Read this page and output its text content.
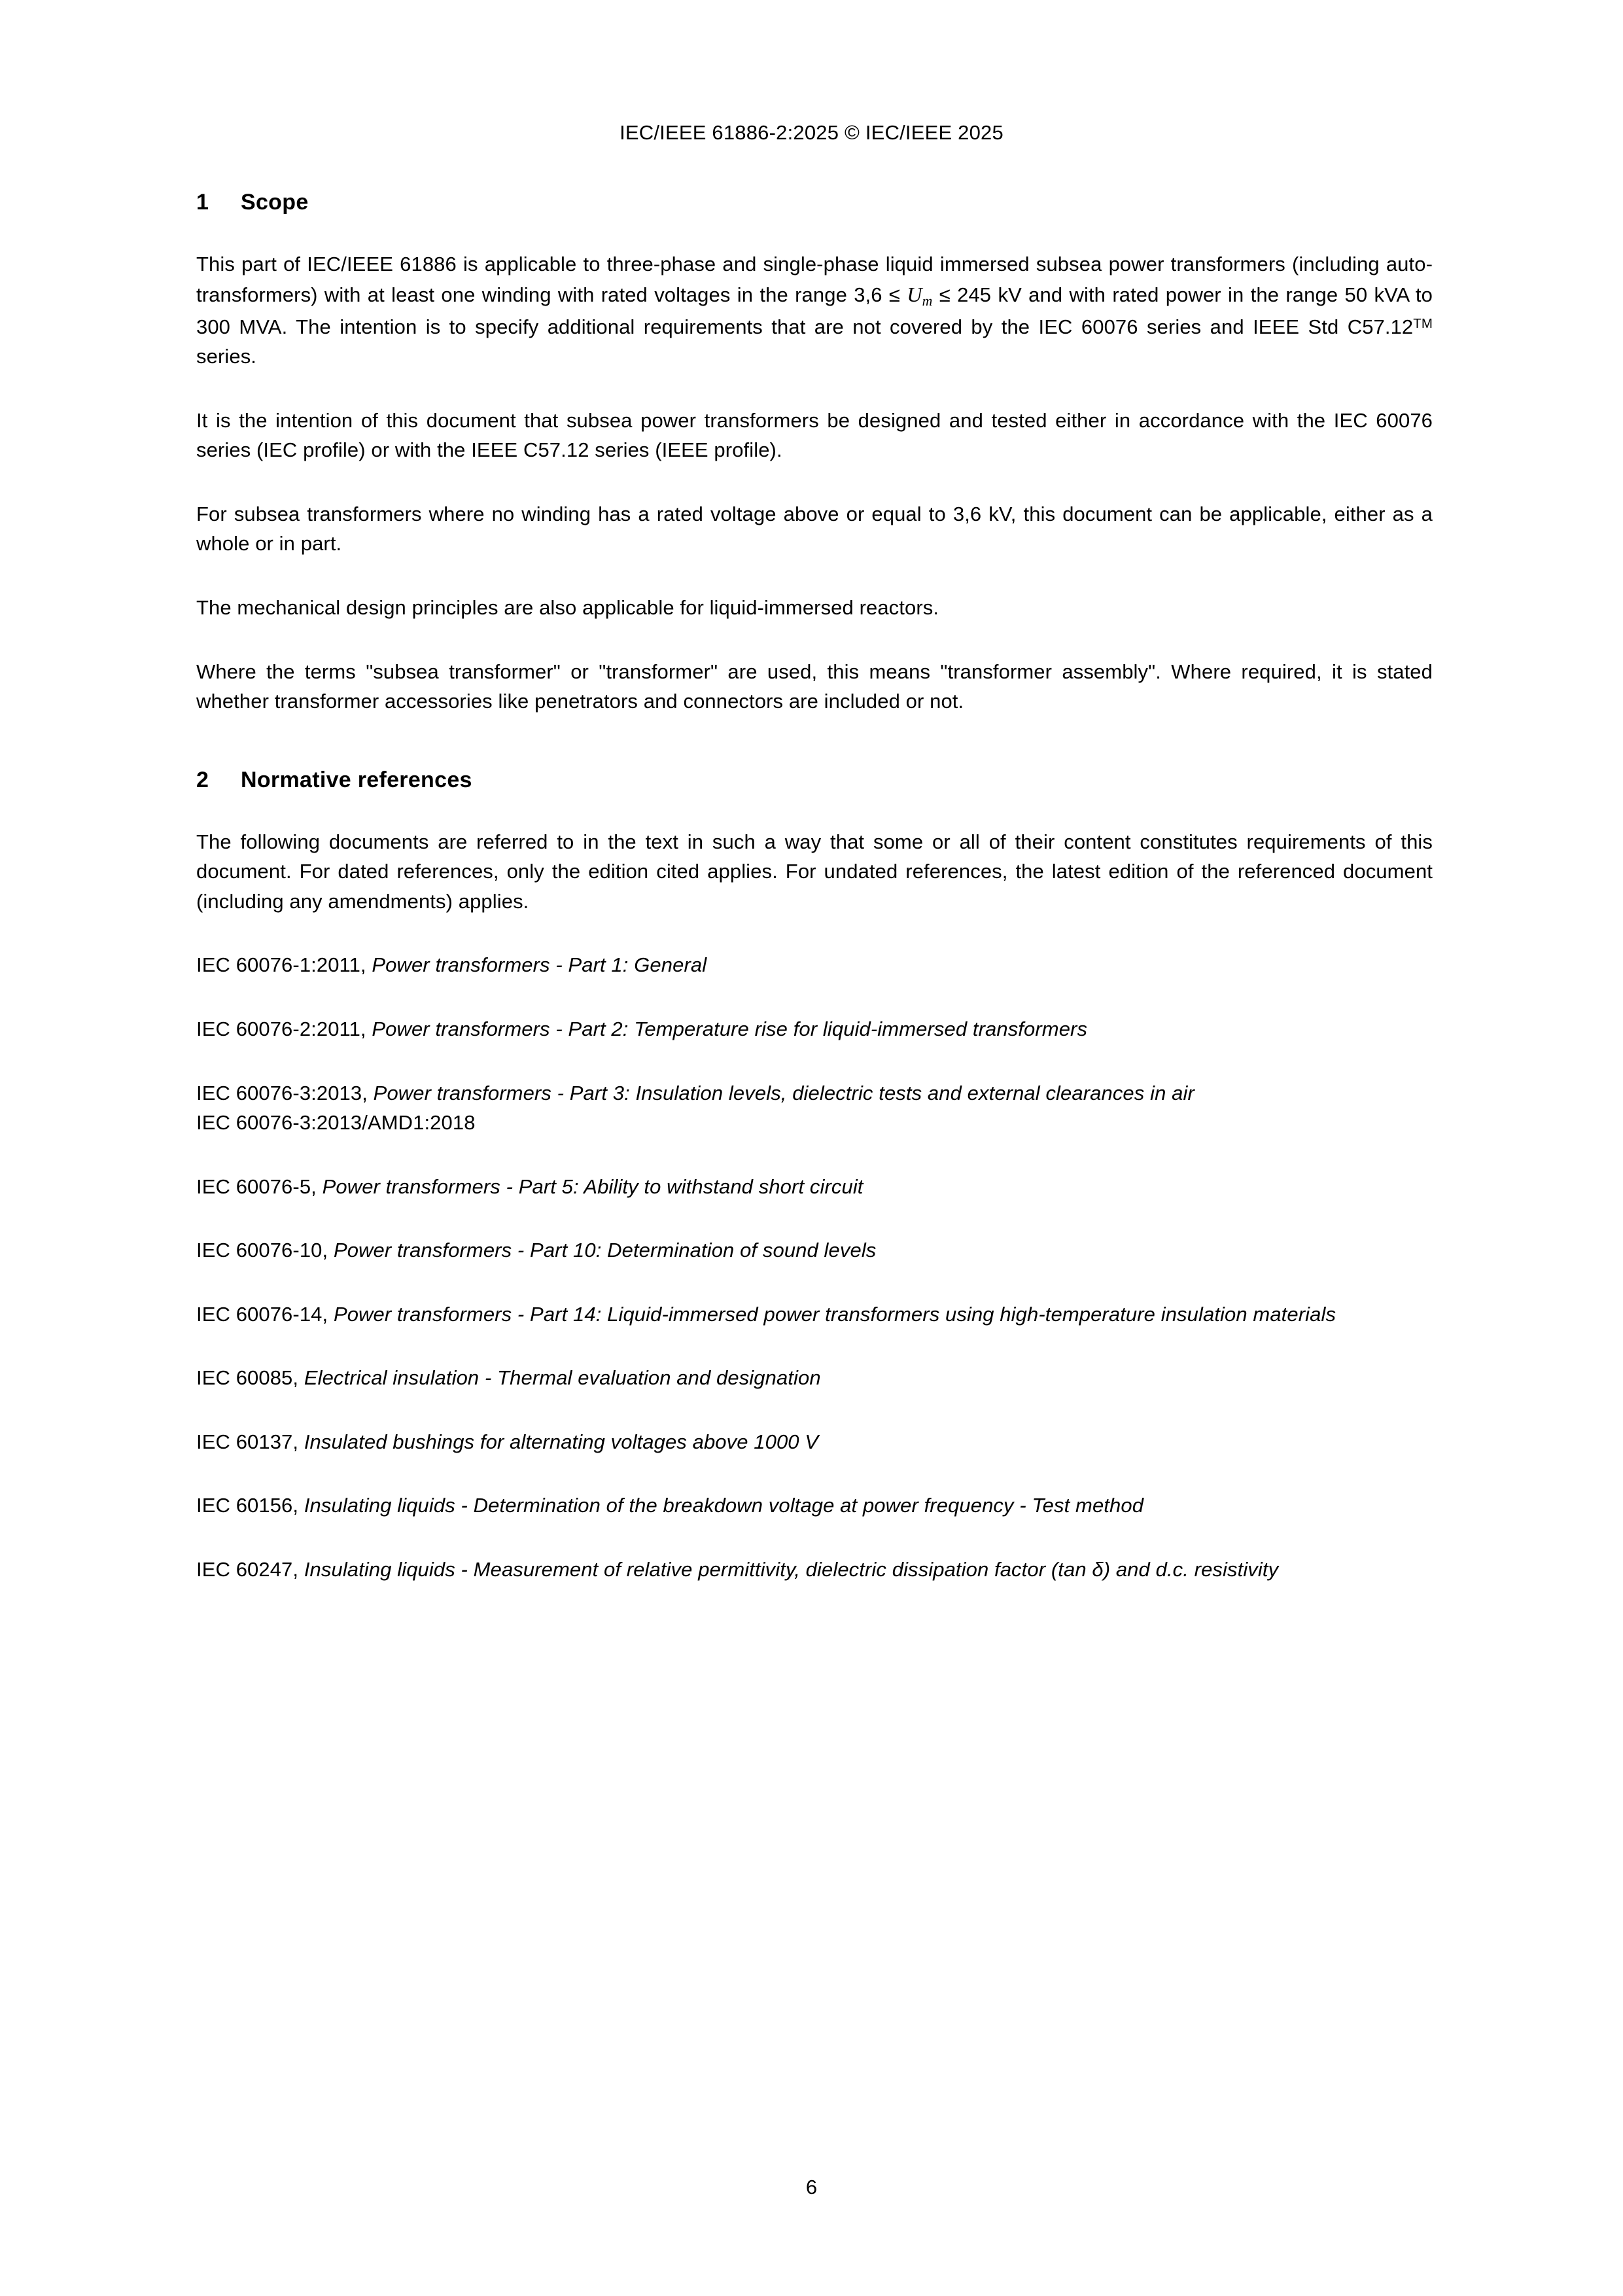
IEC/IEEE 61886-2:2025 © IEC/IEEE 2025
1 Scope

This part of IEC/IEEE 61886 is applicable to three-phase and single-phase liquid immersed subsea power transformers (including auto-transformers) with at least one winding with rated voltages in the range $3,6 \le U_m \le 245$ kV and with rated power in the range 50 kVA to 300 MVA. The intention is to specify additional requirements that are not covered by the IEC 60076 series and IEEE Std C57.12™ series.

It is the intention of this document that subsea power transformers be designed and tested either in accordance with the IEC 60076 series (IEC profile) or with the IEEE C57.12 series (IEEE profile).

For subsea transformers where no winding has a rated voltage above or equal to 3,6 kV, this document can be applicable, either as a whole or in part.

The mechanical design principles are also applicable for liquid-immersed reactors.

Where the terms "subsea transformer" or "transformer" are used, this means "transformer assembly". Where required, it is stated whether transformer accessories like penetrators and connectors are included or not.

2 Normative references

The following documents are referred to in the text in such a way that some or all of their content constitutes requirements of this document. For dated references, only the edition cited applies. For undated references, the latest edition of the referenced document (including any amendments) applies.

IEC 60076-1:2011, Power transformers - Part 1: General

IEC 60076-2:2011, Power transformers - Part 2: Temperature rise for liquid-immersed transformers

IEC 60076-3:2013, Power transformers - Part 3: Insulation levels, dielectric tests and external clearances in air

IEC 60076-3:2013/AMD1:2018

IEC 60076-5, Power transformers - Part 5: Ability to withstand short circuit

IEC 60076-10, Power transformers - Part 10: Determination of sound levels

IEC 60076-14, Power transformers - Part 14: Liquid-immersed power transformers using high-temperature insulation materials

IEC 60085, Electrical insulation - Thermal evaluation and designation

IEC 60137, Insulated bushings for alternating voltages above 1000 V

IEC 60156, Insulating liquids - Determination of the breakdown voltage at power frequency - Test method

IEC 60247, Insulating liquids - Measurement of relative permittivity, dielectric dissipation factor (tan δ) and d.c. resistivity

6
